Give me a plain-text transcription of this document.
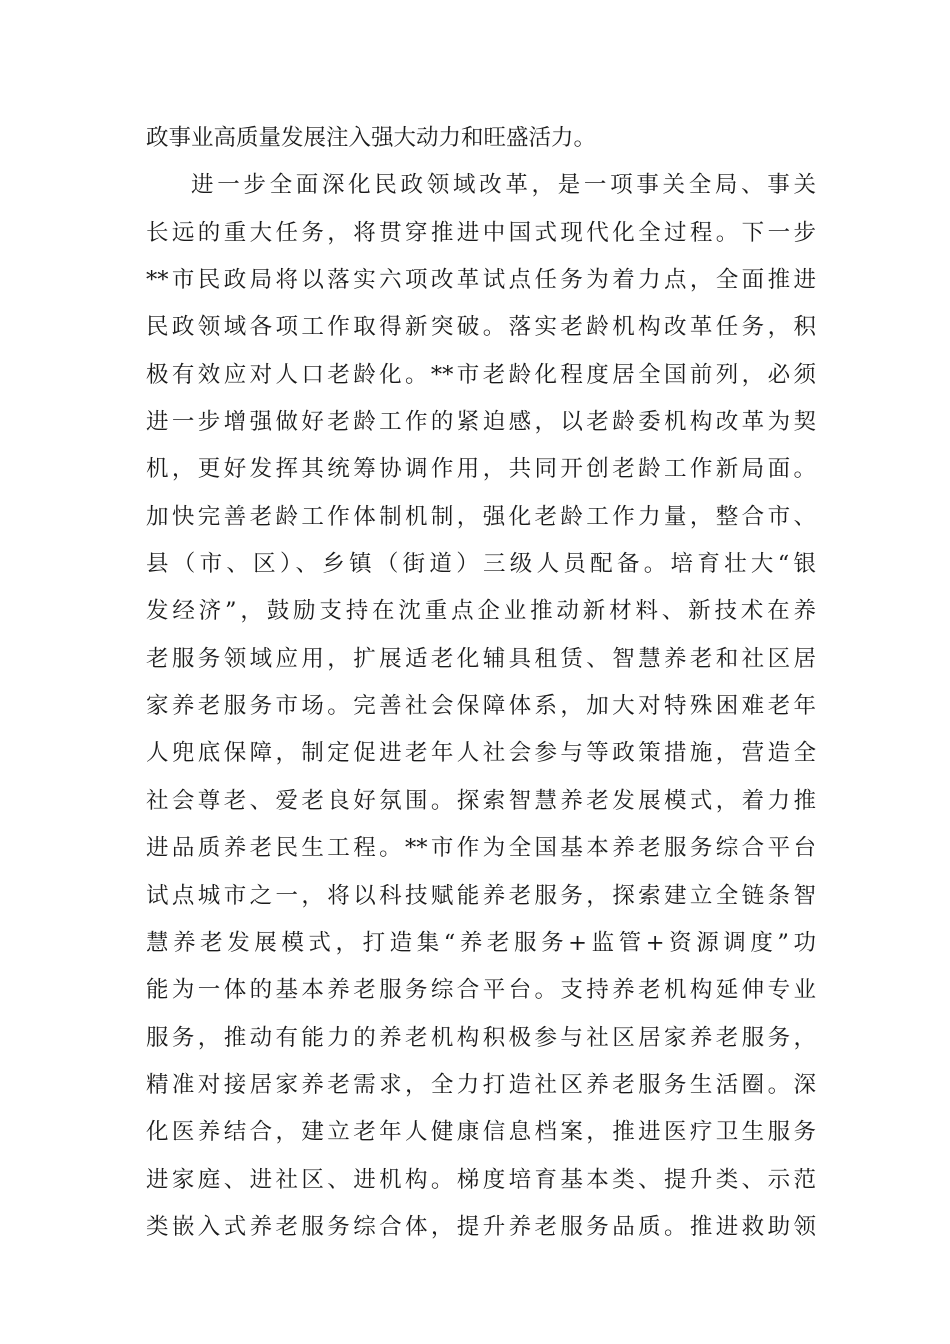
政事业高质量发展注入强大动力和旺盛活力。
进一步全面深化民政领域改革，是一项事关全局、事关
长远的重大任务，将贯穿推进中国式现代化全过程。下一步
**市民政局将以落实六项改革试点任务为着力点，全面推进
民政领域各项工作取得新突破。落实老龄机构改革任务，积
极有效应对人口老龄化。**市老龄化程度居全国前列，必须
进一步增强做好老龄工作的紧迫感，以老龄委机构改革为契
机，更好发挥其统筹协调作用，共同开创老龄工作新局面。
加快完善老龄工作体制机制，强化老龄工作力量，整合市、
县（市、区）、乡镇（街道）三级人员配备。培育壮大“银
发经济”，鼓励支持在沈重点企业推动新材料、新技术在养
老服务领域应用，扩展适老化辅具租赁、智慧养老和社区居
家养老服务市场。完善社会保障体系，加大对特殊困难老年
人兜底保障，制定促进老年人社会参与等政策措施，营造全
社会尊老、爱老良好氛围。探索智慧养老发展模式，着力推
进品质养老民生工程。**市作为全国基本养老服务综合平台
试点城市之一，将以科技赋能养老服务，探索建立全链条智
慧养老发展模式，打造集“养老服务+监管+资源调度”功
能为一体的基本养老服务综合平台。支持养老机构延伸专业
服务，推动有能力的养老机构积极参与社区居家养老服务，
精准对接居家养老需求，全力打造社区养老服务生活圈。深
化医养结合，建立老年人健康信息档案，推进医疗卫生服务
进家庭、进社区、进机构。梯度培育基本类、提升类、示范
类嵌入式养老服务综合体，提升养老服务品质。推进救助领
